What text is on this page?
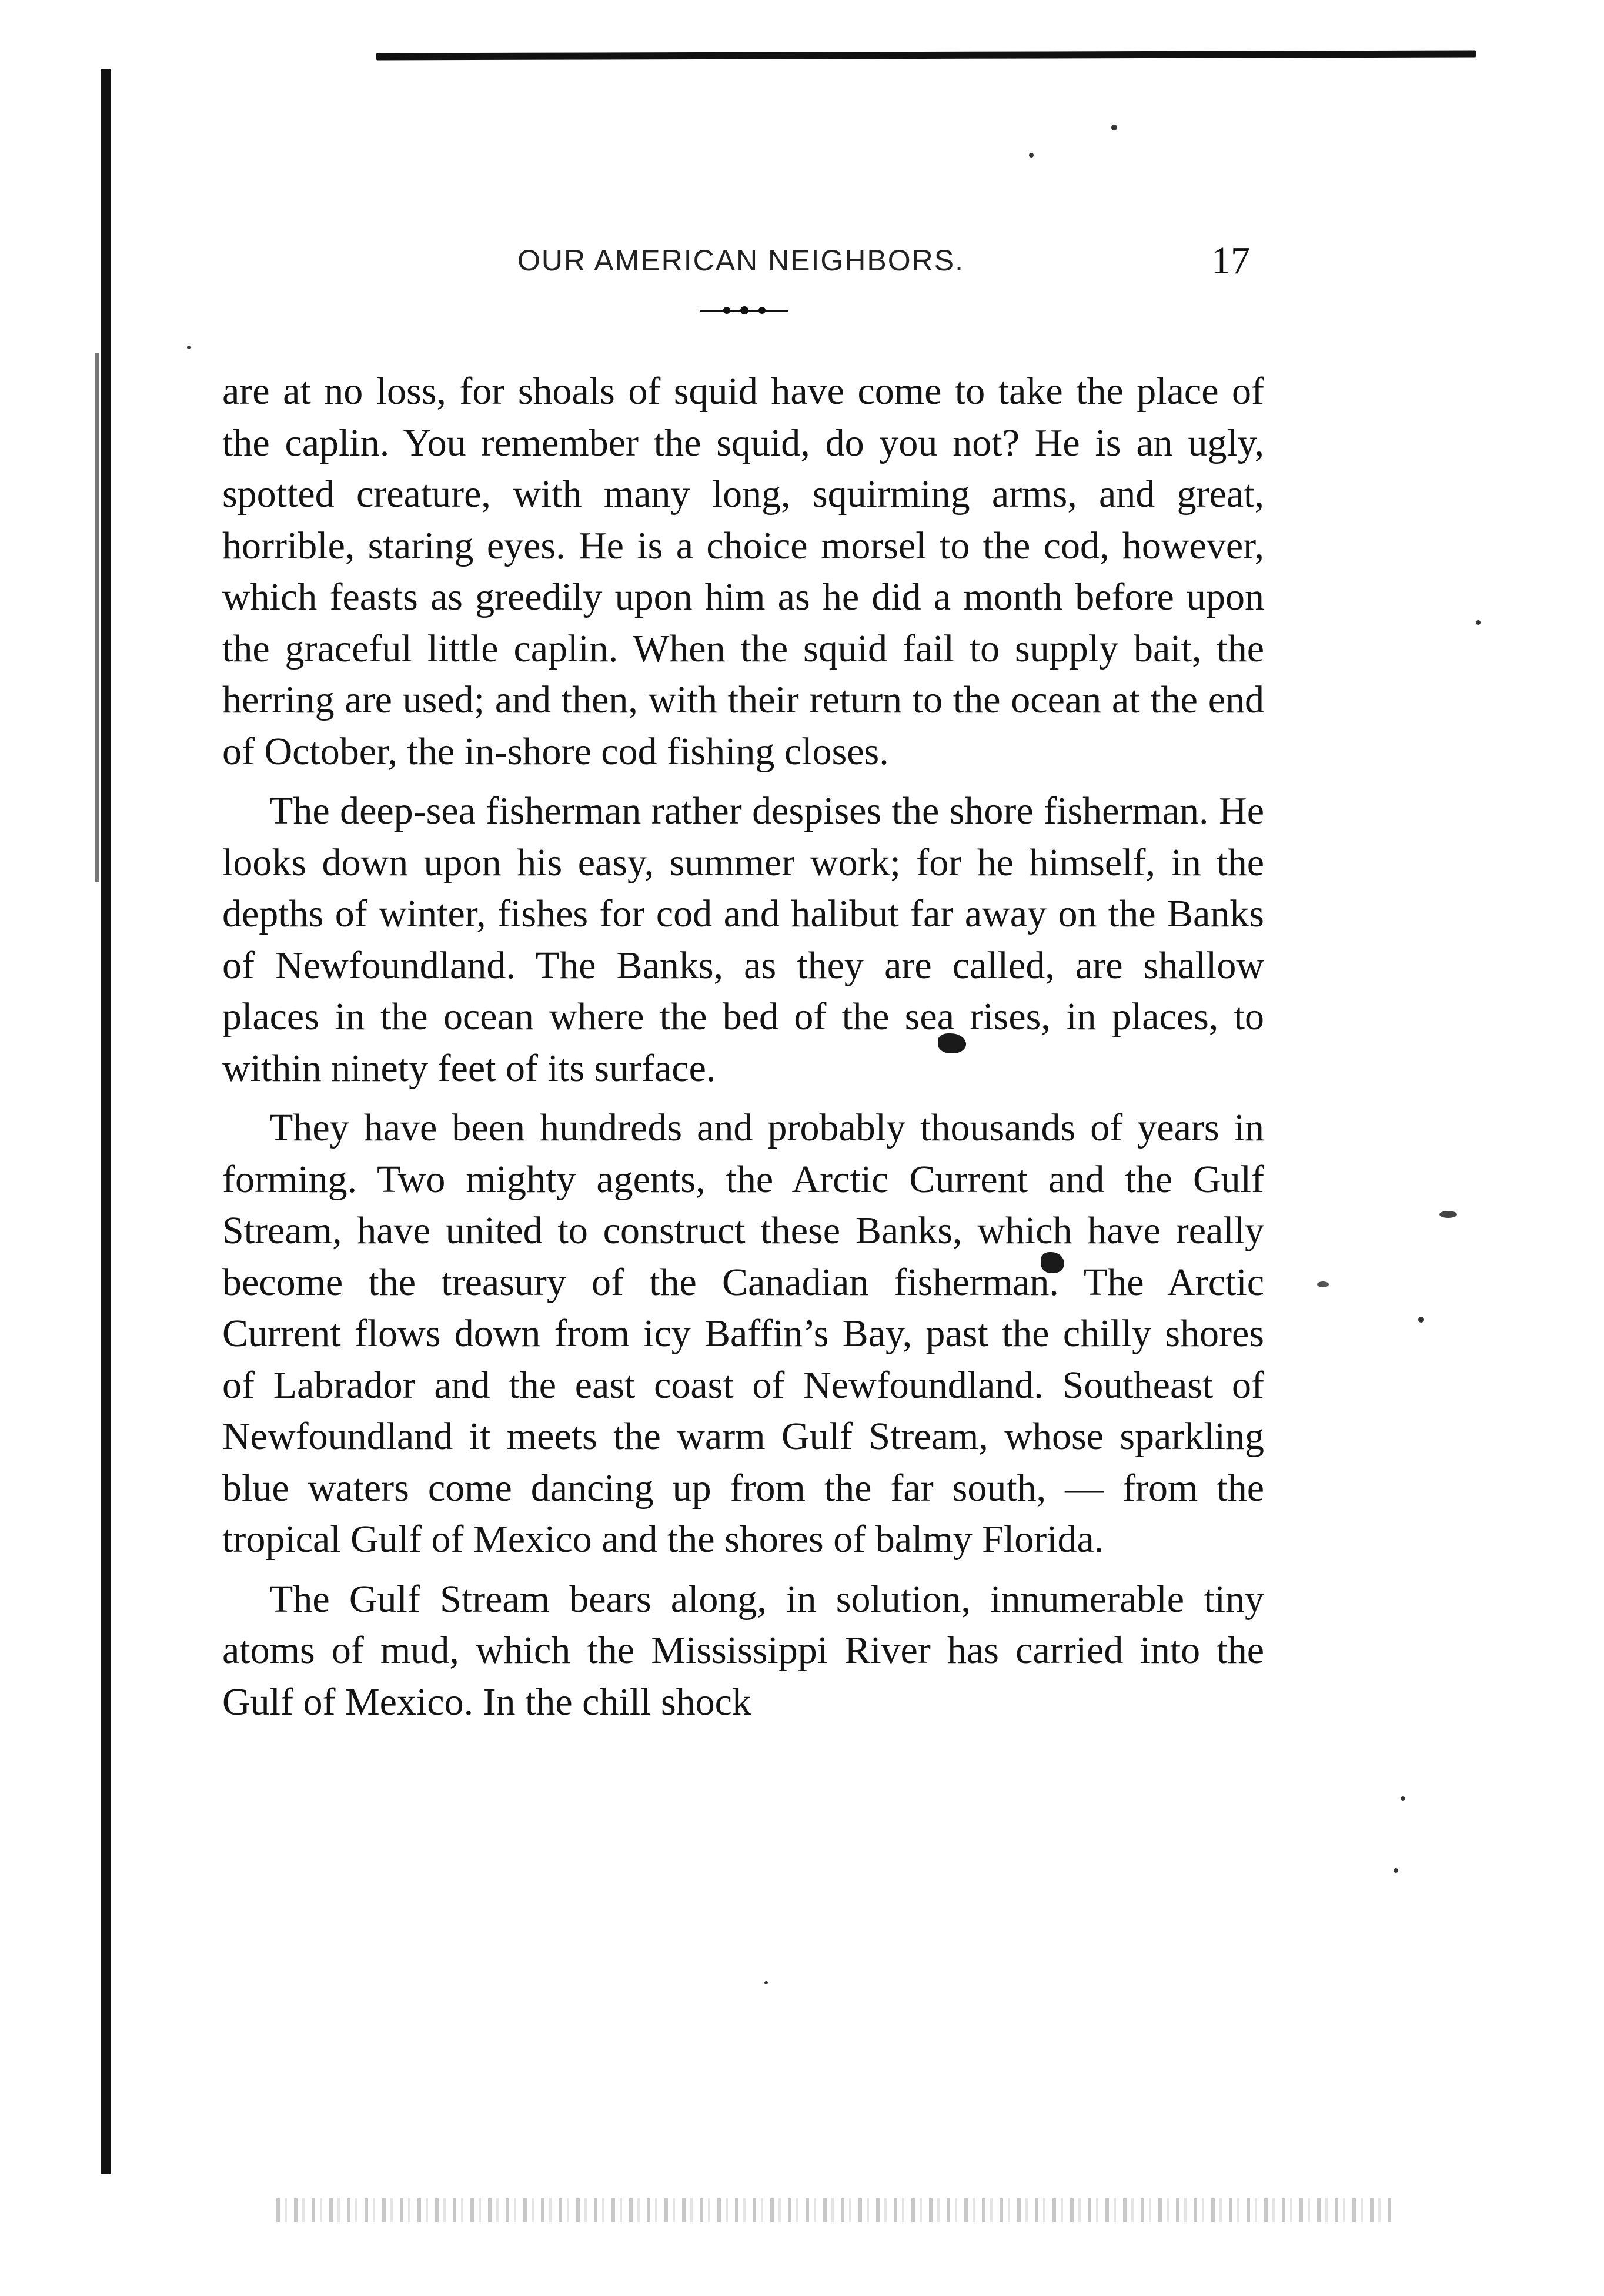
OUR AMERICAN NEIGHBORS.	17

are at no loss, for shoals of squid have come to take the place of the caplin. You remember the squid, do you not? He is an ugly, spotted creature, with many long, squirming arms, and great, horrible, staring eyes. He is a choice morsel to the cod, however, which feasts as greedily upon him as he did a month before upon the graceful little caplin. When the squid fail to supply bait, the herring are used; and then, with their return to the ocean at the end of October, the in-shore cod fishing closes.

The deep-sea fisherman rather despises the shore fisherman. He looks down upon his easy, summer work; for he himself, in the depths of winter, fishes for cod and halibut far away on the Banks of Newfoundland. The Banks, as they are called, are shallow places in the ocean where the bed of the sea rises, in places, to within ninety feet of its surface.

They have been hundreds and probably thousands of years in forming. Two mighty agents, the Arctic Current and the Gulf Stream, have united to construct these Banks, which have really become the treasury of the Canadian fisherman. The Arctic Current flows down from icy Baffin’s Bay, past the chilly shores of Labrador and the east coast of Newfoundland. Southeast of Newfoundland it meets the warm Gulf Stream, whose sparkling blue waters come dancing up from the far south, — from the tropical Gulf of Mexico and the shores of balmy Florida.

The Gulf Stream bears along, in solution, innumerable tiny atoms of mud, which the Mississippi River has carried into the Gulf of Mexico. In the chill shock
